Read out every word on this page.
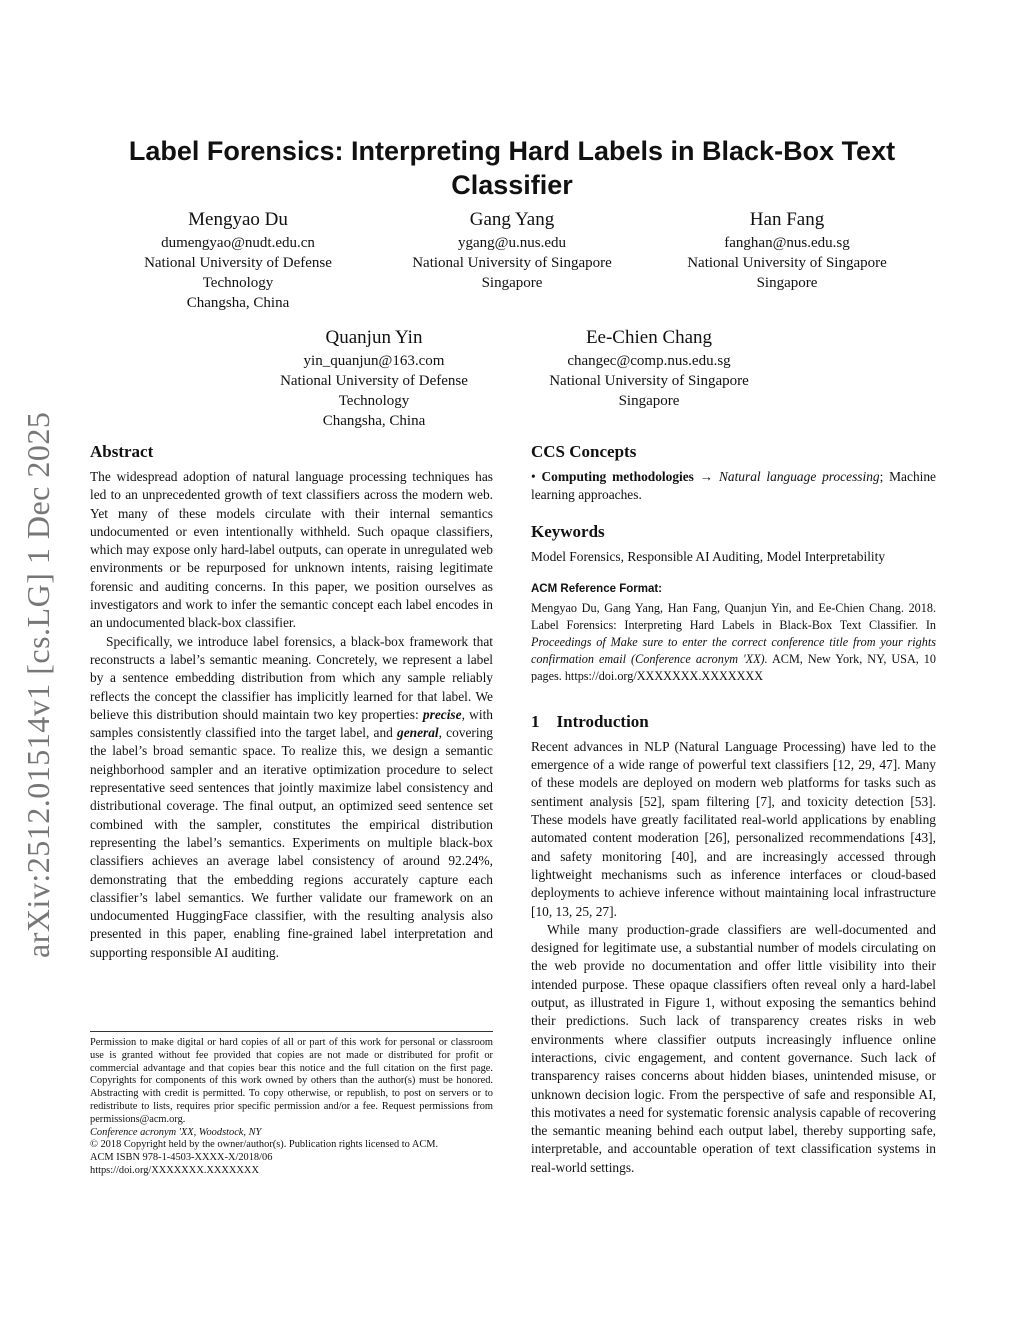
arXiv:2512.01514v1 [cs.LG] 1 Dec 2025
Label Forensics: Interpreting Hard Labels in Black-Box Text Classifier
Mengyao Du
dumengyao@nudt.edu.cn
National University of Defense Technology
Changsha, China
Gang Yang
ygang@u.nus.edu
National University of Singapore
Singapore
Han Fang
fanghan@nus.edu.sg
National University of Singapore
Singapore
Quanjun Yin
yin_quanjun@163.com
National University of Defense Technology
Changsha, China
Ee-Chien Chang
changec@comp.nus.edu.sg
National University of Singapore
Singapore
Abstract

The widespread adoption of natural language processing techniques has led to an unprecedented growth of text classifiers across the modern web. Yet many of these models circulate with their internal semantics undocumented or even intentionally withheld. Such opaque classifiers, which may expose only hard-label outputs, can operate in unregulated web environments or be repurposed for unknown intents, raising legitimate forensic and auditing concerns. In this paper, we position ourselves as investigators and work to infer the semantic concept each label encodes in an undocumented black-box classifier.

Specifically, we introduce label forensics, a black-box framework that reconstructs a label’s semantic meaning. Concretely, we represent a label by a sentence embedding distribution from which any sample reliably reflects the concept the classifier has implicitly learned for that label. We believe this distribution should maintain two key properties: precise, with samples consistently classified into the target label, and general, covering the label’s broad semantic space. To realize this, we design a semantic neighborhood sampler and an iterative optimization procedure to select representative seed sentences that jointly maximize label consistency and distributional coverage. The final output, an optimized seed sentence set combined with the sampler, constitutes the empirical distribution representing the label’s semantics. Experiments on multiple black-box classifiers achieves an average label consistency of around 92.24%, demonstrating that the embedding regions accurately capture each classifier’s label semantics. We further validate our framework on an undocumented HuggingFace classifier, with the resulting analysis also presented in this paper, enabling fine-grained label interpretation and supporting responsible AI auditing.

Permission to make digital or hard copies of all or part of this work for personal or classroom use is granted without fee provided that copies are not made or distributed for profit or commercial advantage and that copies bear this notice and the full citation on the first page. Copyrights for components of this work owned by others than the author(s) must be honored. Abstracting with credit is permitted. To copy otherwise, or republish, to post on servers or to redistribute to lists, requires prior specific permission and/or a fee. Request permissions from permissions@acm.org.
Conference acronym 'XX, Woodstock, NY
© 2018 Copyright held by the owner/author(s). Publication rights licensed to ACM.
ACM ISBN 978-1-4503-XXXX-X/2018/06
https://doi.org/XXXXXXX.XXXXXXX
CCS Concepts

• Computing methodologies → Natural language processing; Machine learning approaches.

Keywords

Model Forensics, Responsible AI Auditing, Model Interpretability

ACM Reference Format:

Mengyao Du, Gang Yang, Han Fang, Quanjun Yin, and Ee-Chien Chang. 2018. Label Forensics: Interpreting Hard Labels in Black-Box Text Classifier. In Proceedings of Make sure to enter the correct conference title from your rights confirmation email (Conference acronym 'XX). ACM, New York, NY, USA, 10 pages. https://doi.org/XXXXXXX.XXXXXXX

1    Introduction

Recent advances in NLP (Natural Language Processing) have led to the emergence of a wide range of powerful text classifiers [12, 29, 47]. Many of these models are deployed on modern web platforms for tasks such as sentiment analysis [52], spam filtering [7], and toxicity detection [53]. These models have greatly facilitated real-world applications by enabling automated content moderation [26], personalized recommendations [43], and safety monitoring [40], and are increasingly accessed through lightweight mechanisms such as inference interfaces or cloud-based deployments to achieve inference without maintaining local infrastructure [10, 13, 25, 27].

While many production-grade classifiers are well-documented and designed for legitimate use, a substantial number of models circulating on the web provide no documentation and offer little visibility into their intended purpose. These opaque classifiers often reveal only a hard-label output, as illustrated in Figure 1, without exposing the semantics behind their predictions. Such lack of transparency creates risks in web environments where classifier outputs increasingly influence online interactions, civic engagement, and content governance. Such lack of transparency raises concerns about hidden biases, unintended misuse, or unknown decision logic. From the perspective of safe and responsible AI, this motivates a need for systematic forensic analysis capable of recovering the semantic meaning behind each output label, thereby supporting safe, interpretable, and accountable operation of text classification systems in real-world settings.
